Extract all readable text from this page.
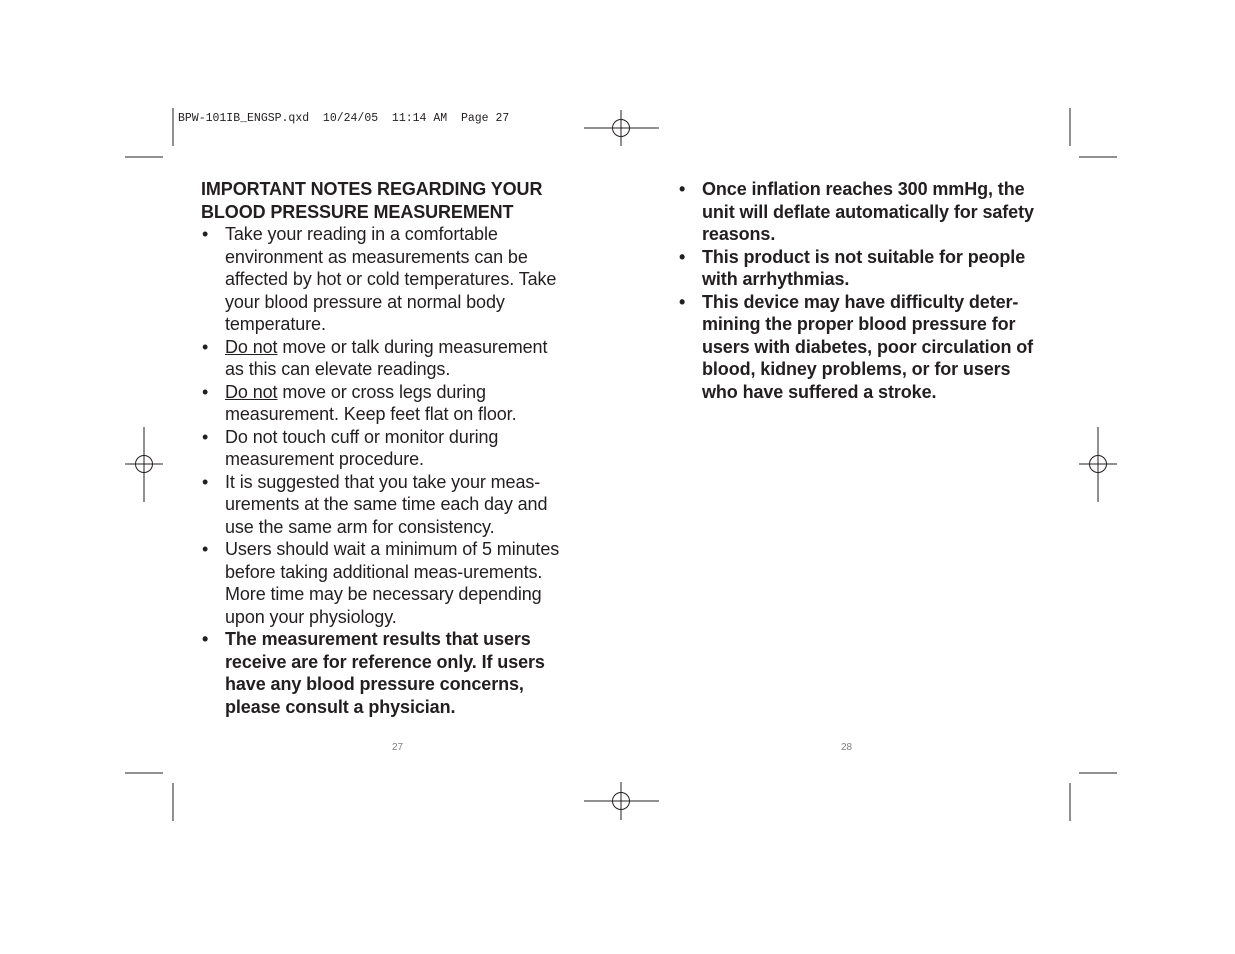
BPW-101IB_ENGSP.qxd  10/24/05  11:14 AM  Page 27

IMPORTANT NOTES REGARDING YOUR
BLOOD PRESSURE MEASUREMENT

• Take your reading in a comfortable environment as measurements can be affected by hot or cold temperatures. Take your blood pressure at normal body temperature.
• Do not move or talk during measurement as this can elevate readings.
• Do not move or cross legs during measurement. Keep feet flat on floor.
• Do not touch cuff or monitor during measurement procedure.
• It is suggested that you take your meas-urements at the same time each day and use the same arm for consistency.
• Users should wait a minimum of 5 minutes before taking additional meas-urements. More time may be necessary depending upon your physiology.
• The measurement results that users receive are for reference only. If users have any blood pressure concerns, please consult a physician.
27
• Once inflation reaches 300 mmHg, the unit will deflate automatically for safety reasons.
• This product is not suitable for people with arrhythmias.
• This device may have difficulty deter-mining the proper blood pressure for users with diabetes, poor circulation of blood, kidney problems, or for users who have suffered a stroke.
28
